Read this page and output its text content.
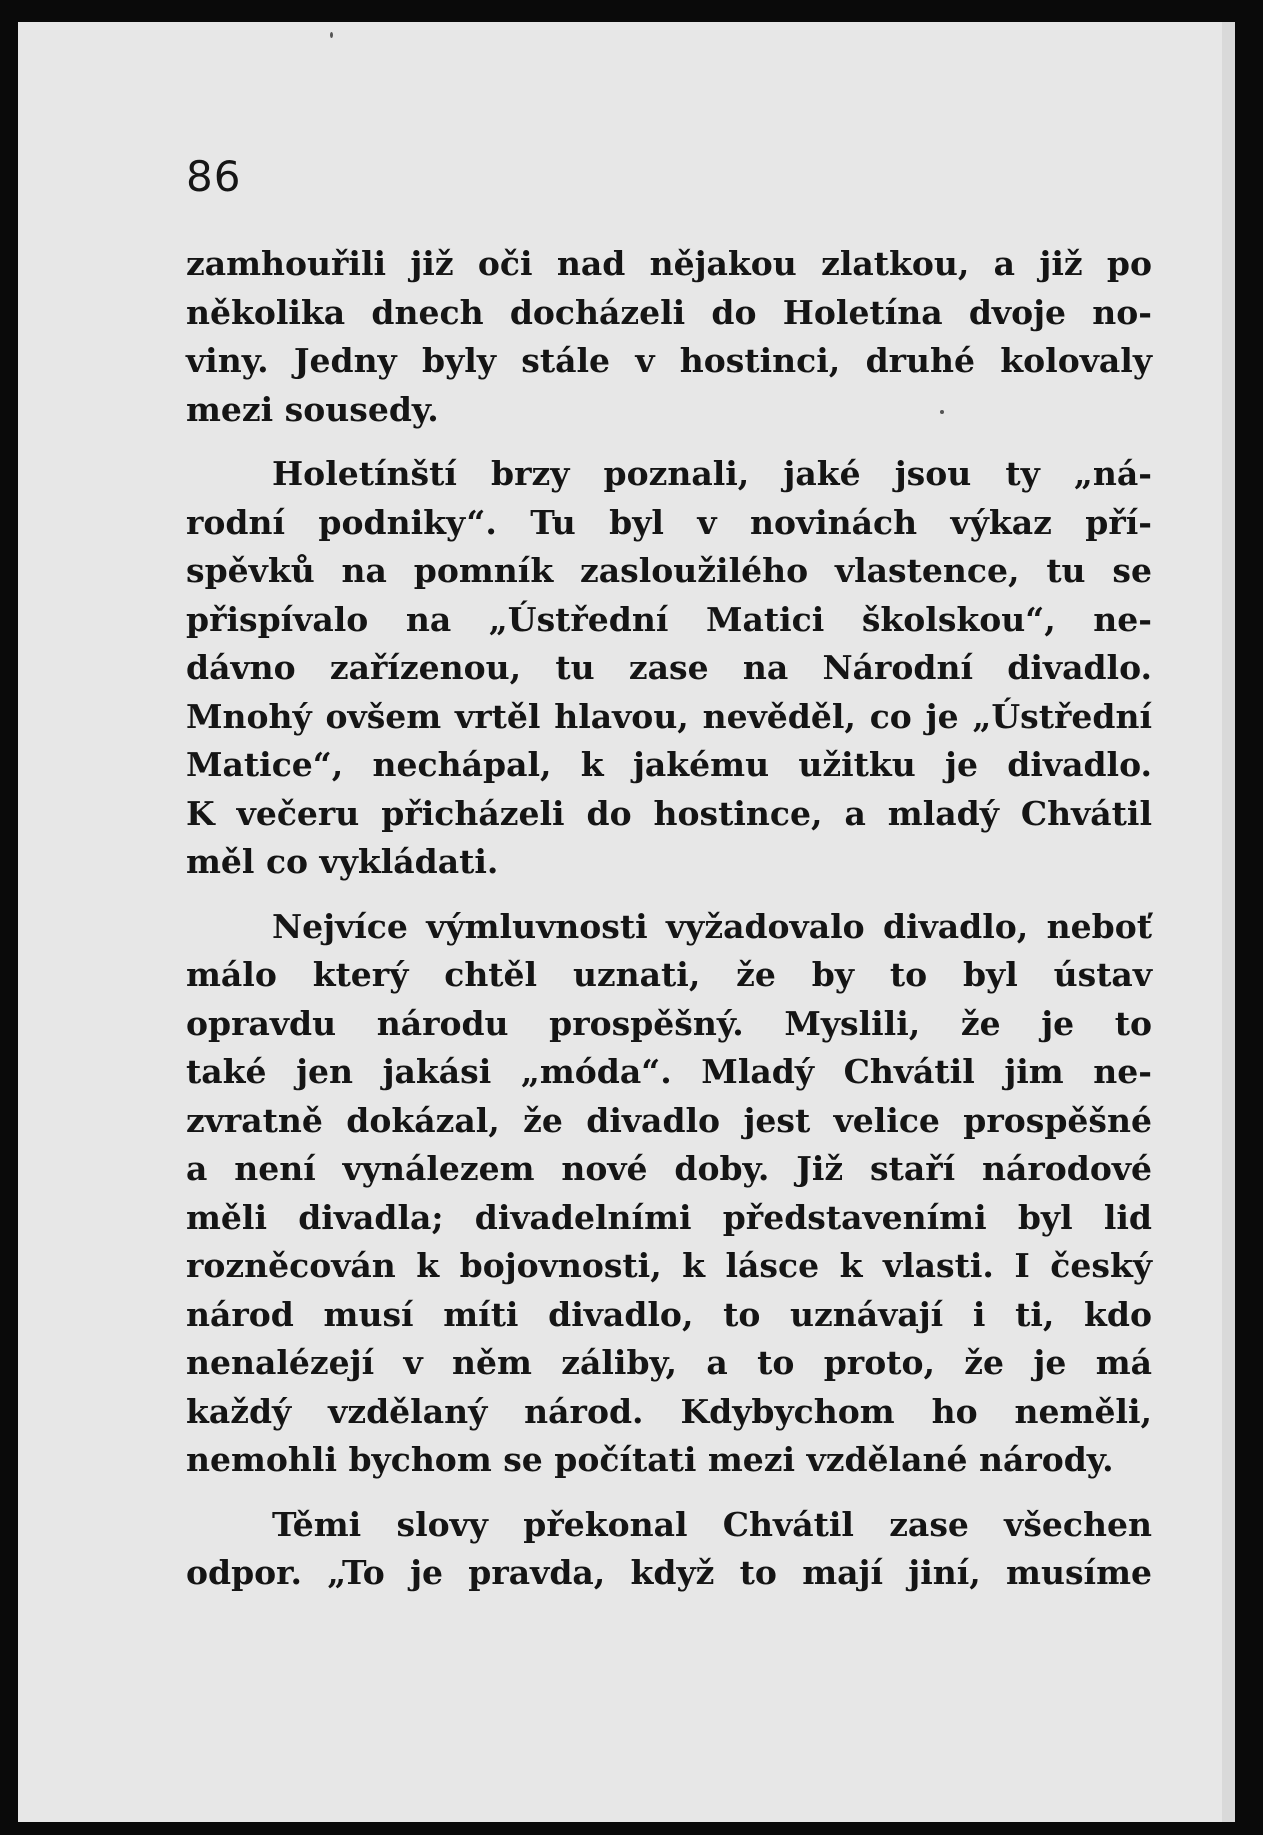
86

zamhouřili již oči nad nějakou zlatkou, a již po
několika dnech docházeli do Holetína dvoje no-
viny. Jedny byly stále v hostinci, druhé kolovaly
mezi sousedy.

Holetínští brzy poznali, jaké jsou ty „ná-
rodní podniky“. Tu byl v novinách výkaz pří-
spěvků na pomník zasloužilého vlastence, tu se
přispívalo na „Ústřední Matici školskou“, ne-
dávno zařízenou, tu zase na Národní divadlo.
Mnohý ovšem vrtěl hlavou, nevěděl, co je „Ústřední
Matice“, nechápal, k jakému užitku je divadlo.
K večeru přicházeli do hostince, a mladý Chvátil
měl co vykládati.

Nejvíce výmluvnosti vyžadovalo divadlo, neboť
málo který chtěl uznati, že by to byl ústav
opravdu národu prospěšný. Myslili, že je to
také jen jakási „móda“. Mladý Chvátil jim ne-
zvratně dokázal, že divadlo jest velice prospěšné
a není vynálezem nové doby. Již staří národové
měli divadla; divadelními představeními byl lid
rozněcován k bojovnosti, k lásce k vlasti. I český
národ musí míti divadlo, to uznávají i ti, kdo
nenalézejí v něm záliby, a to proto, že je má
každý vzdělaný národ. Kdybychom ho neměli,
nemohli bychom se počítati mezi vzdělané národy.

Těmi slovy překonal Chvátil zase všechen
odpor. „To je pravda, když to mají jiní, musíme
